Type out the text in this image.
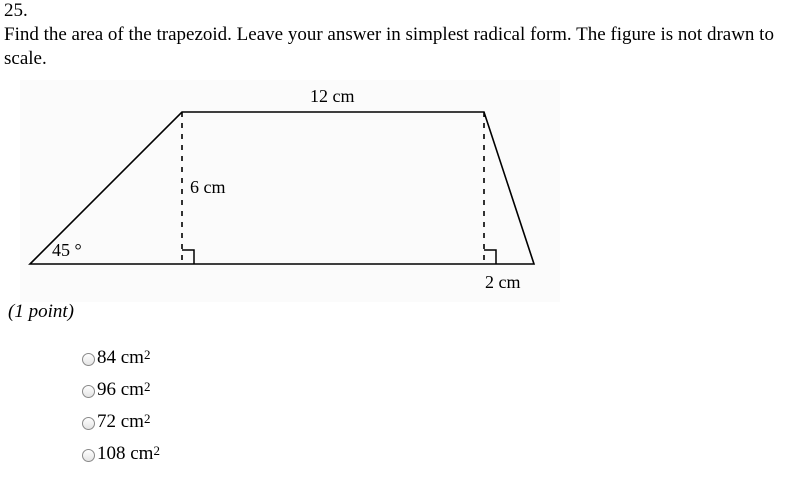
25.
Find the area of the trapezoid. Leave your answer in simplest radical form. The figure is not drawn to scale.
12 cm
6 cm
45 °
2 cm
(1 point)
84 $cm^2$
96 $cm^2$
72 $cm^2$
108 $cm^2$
